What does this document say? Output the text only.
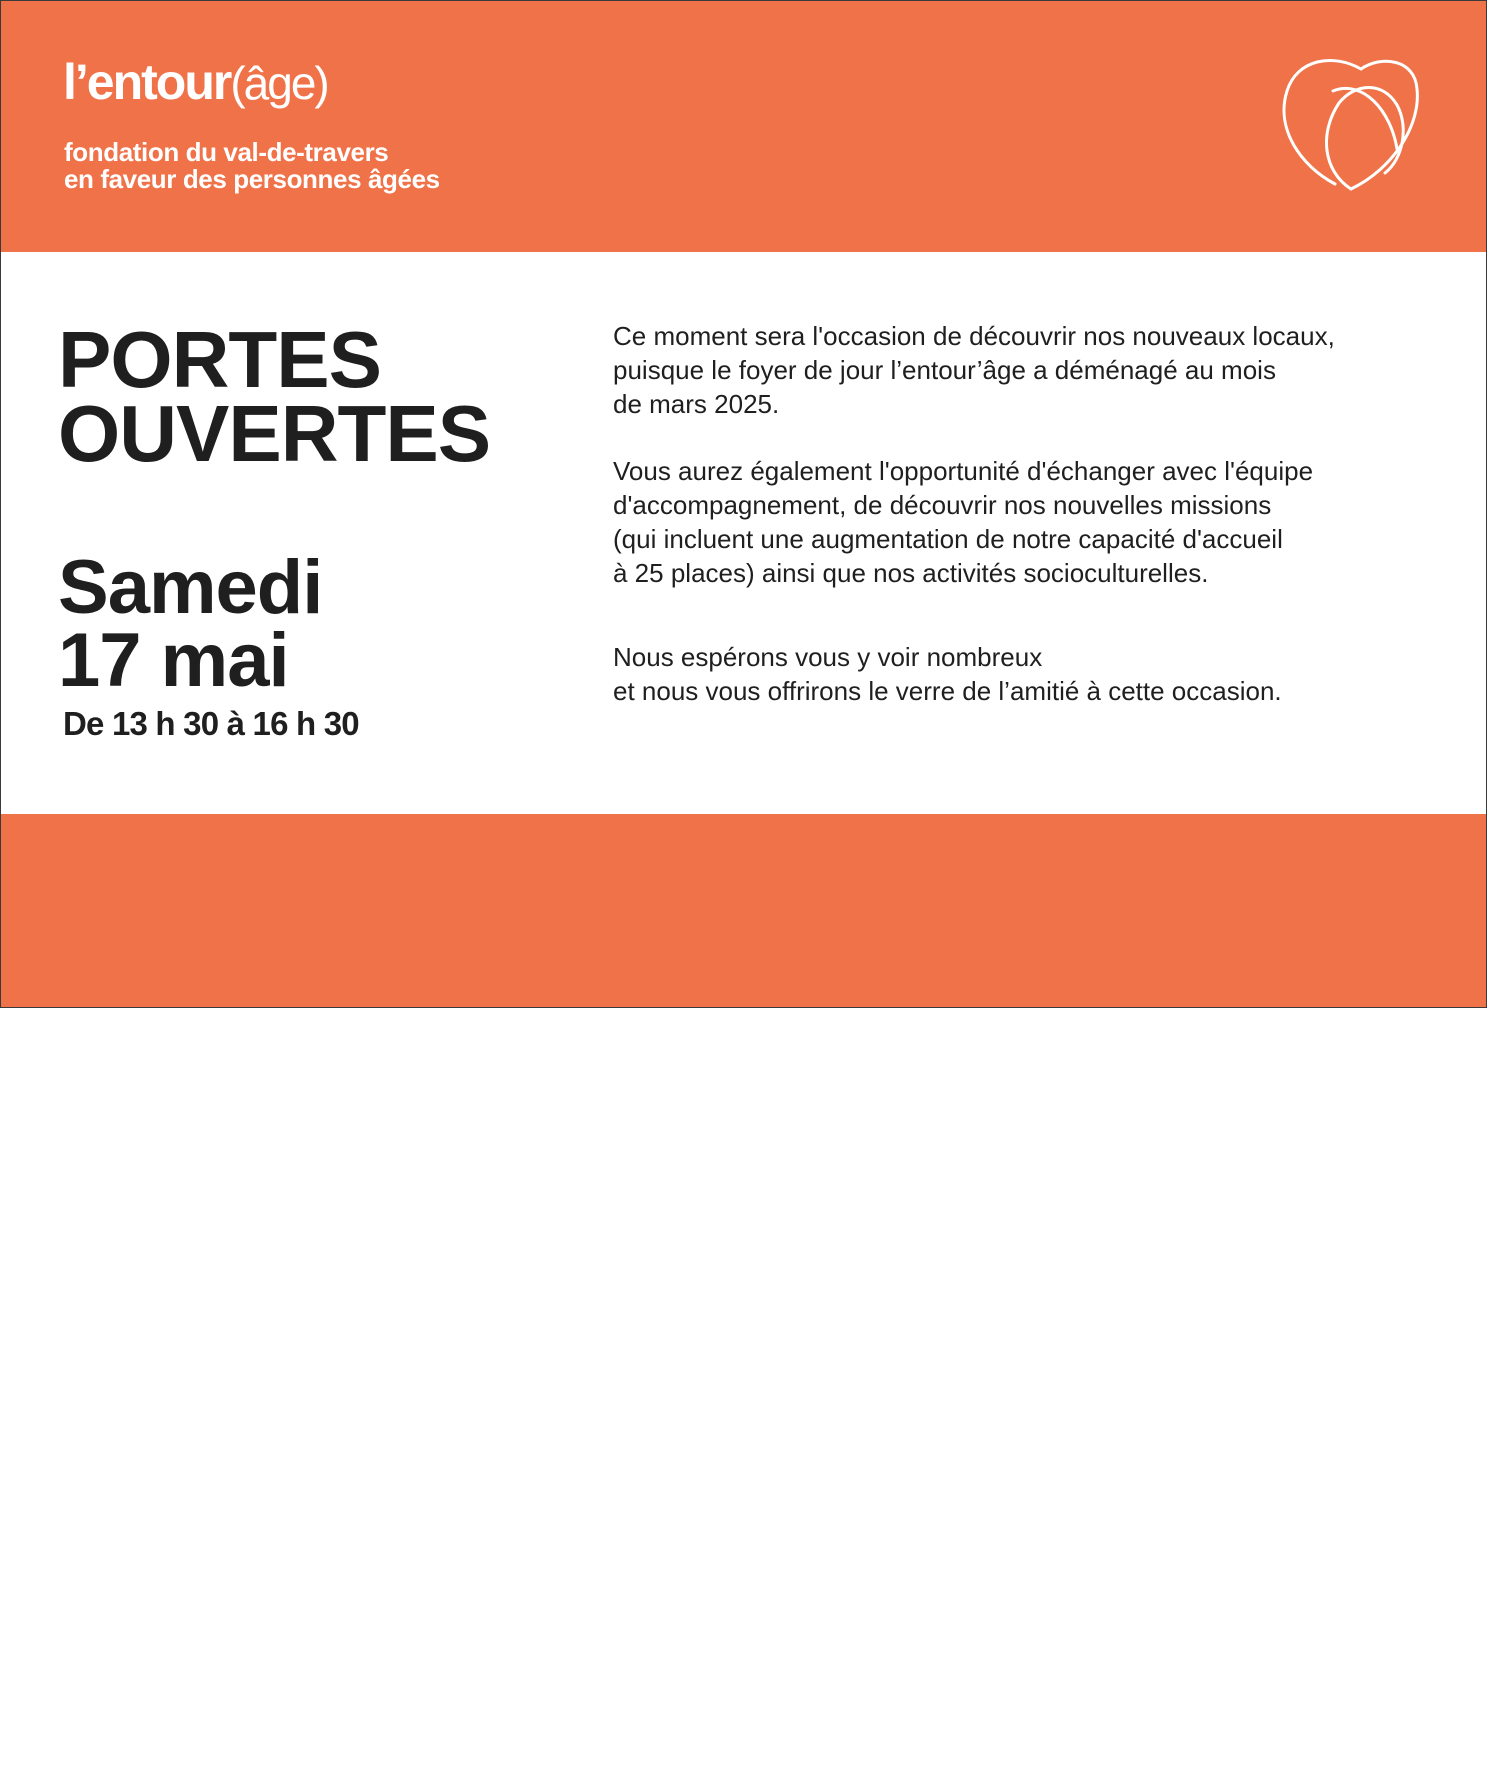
l’entour(âge)
fondation du val-de-travers
en faveur des personnes âgées
PORTES
OUVERTES
Samedi
17 mai
De 13 h 30 à 16 h 30
Ce moment sera l'occasion de découvrir nos nouveaux locaux,
puisque le foyer de jour l’entour’âge a déménagé au mois
de mars 2025.
Vous aurez également l'opportunité d'échanger avec l'équipe
d'accompagnement, de découvrir nos nouvelles missions
(qui incluent une augmentation de notre capacité d'accueil
à 25 places) ainsi que nos activités socioculturelles.
Nous espérons vous y voir nombreux
et nous vous offrirons le verre de l’amitié à cette occasion.
Petits-clos 41
2114 Fleurier	www.lentourage.ch	foyerdejour@lentourage.ch	+41 32 862 11 89
